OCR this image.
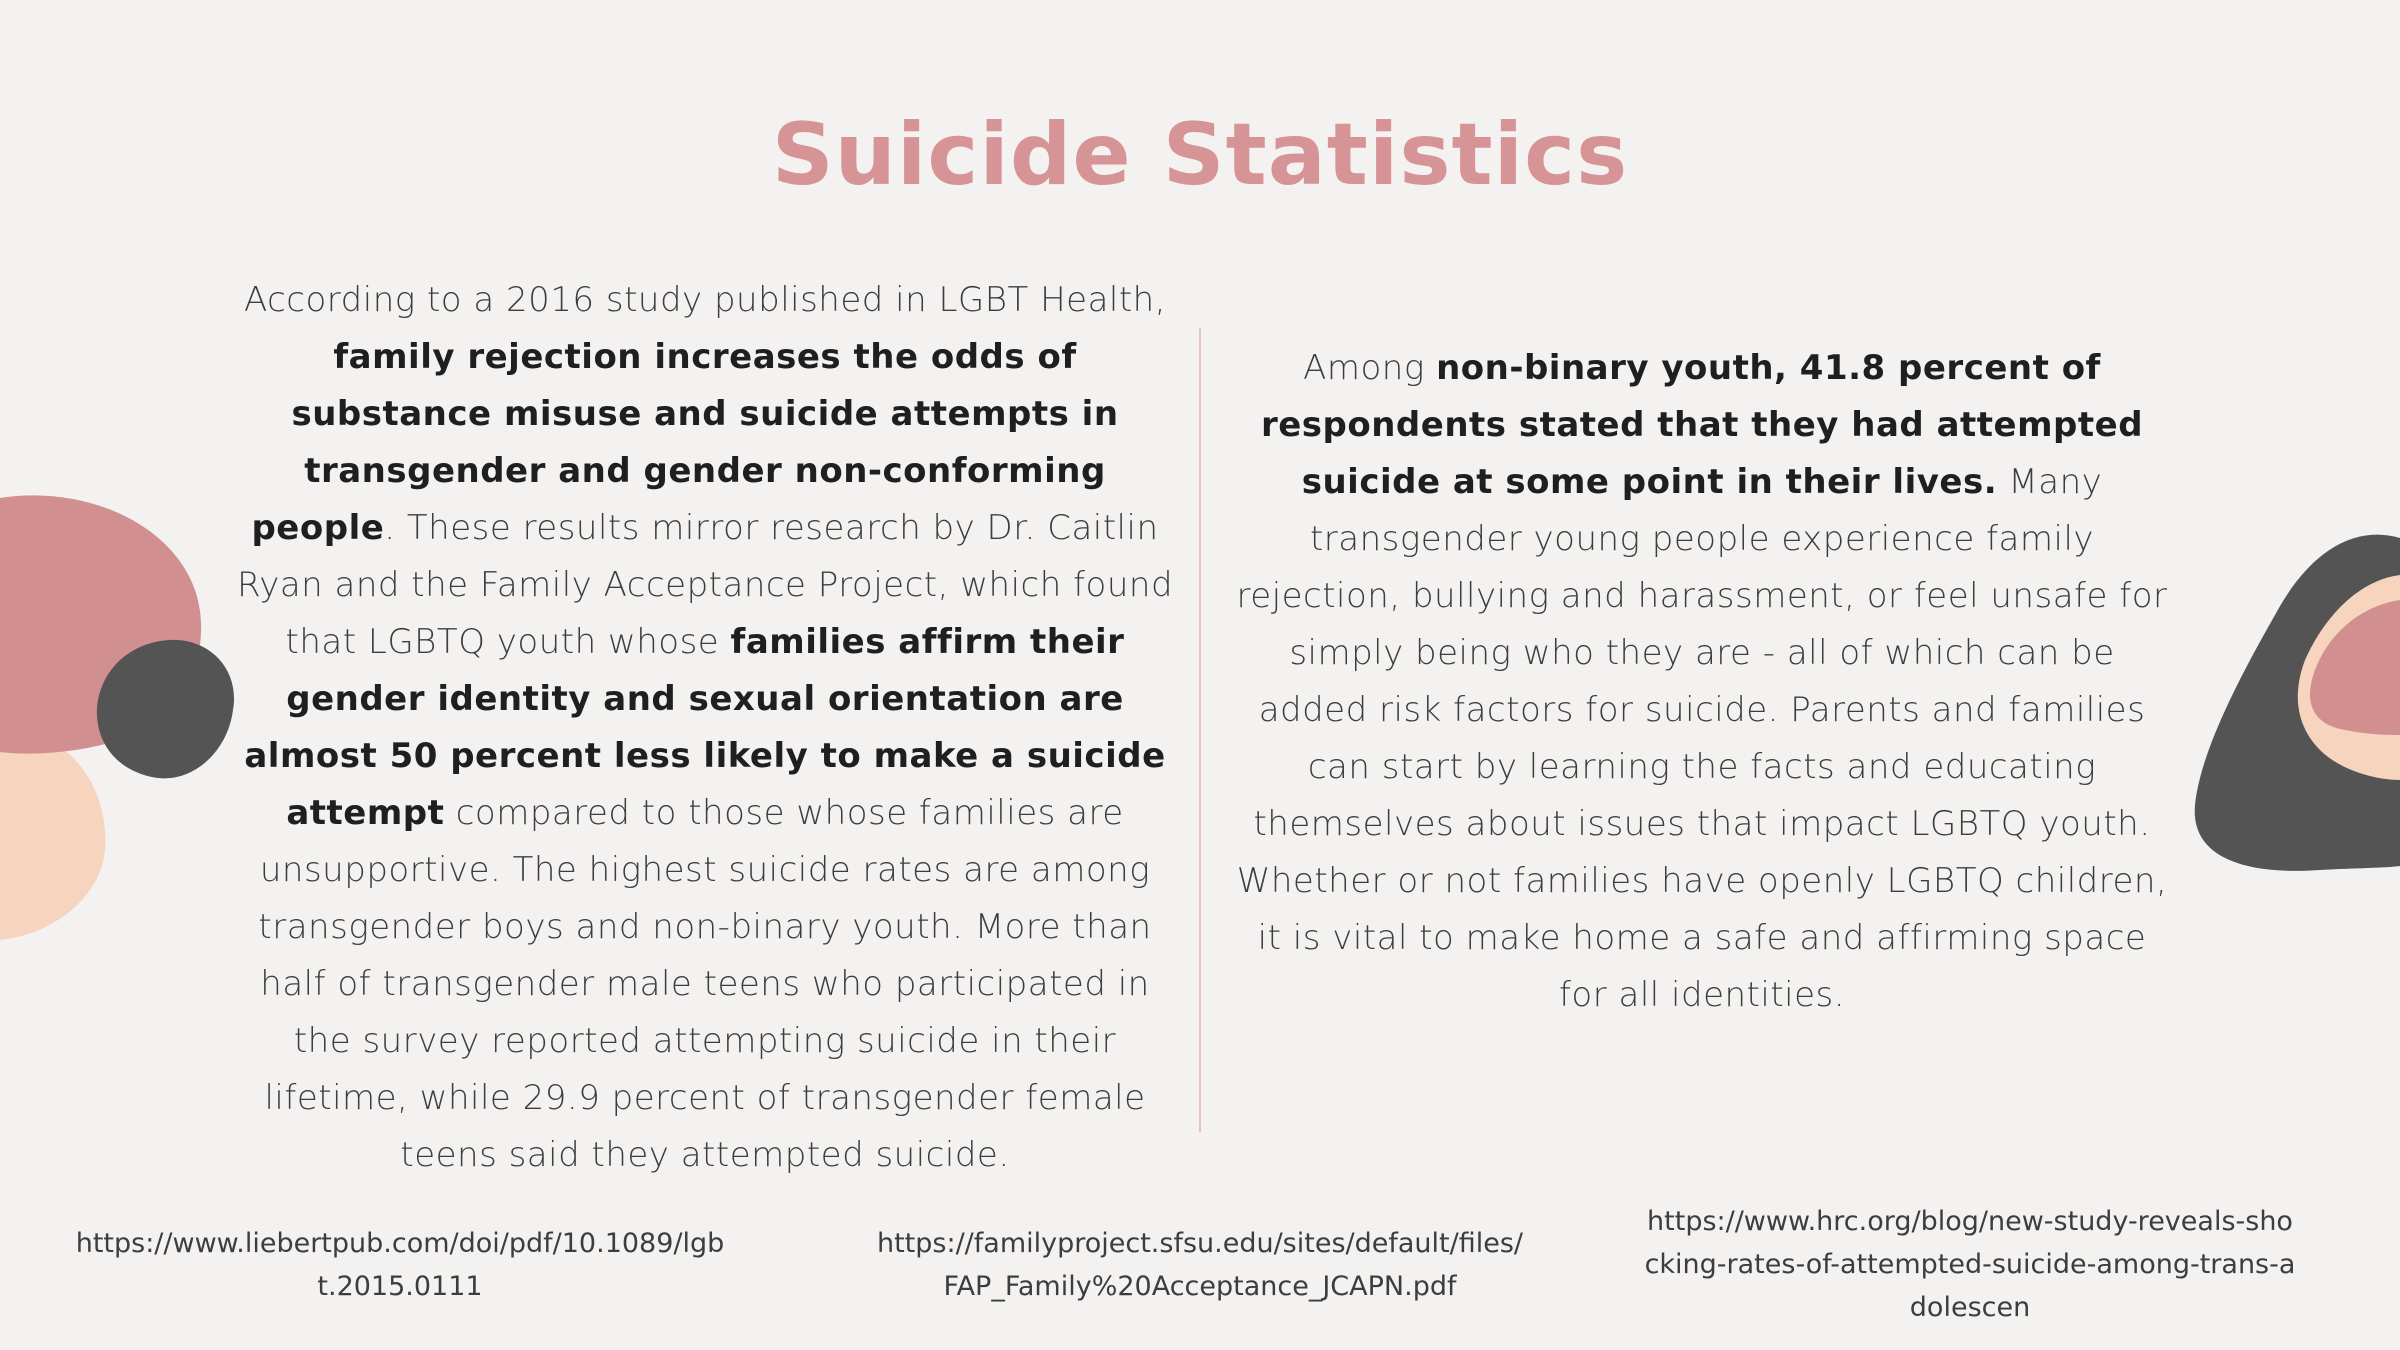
Suicide Statistics
According to a 2016 study published in LGBT Health, family rejection increases the odds of substance misuse and suicide attempts in transgender and gender non-conforming people. These results mirror research by Dr. Caitlin Ryan and the Family Acceptance Project, which found that LGBTQ youth whose families affirm their gender identity and sexual orientation are almost 50 percent less likely to make a suicide attempt compared to those whose families are unsupportive. The highest suicide rates are among transgender boys and non-binary youth. More than half of transgender male teens who participated in the survey reported attempting suicide in their lifetime, while 29.9 percent of transgender female teens said they attempted suicide.
Among non-binary youth, 41.8 percent of respondents stated that they had attempted suicide at some point in their lives. Many transgender young people experience family rejection, bullying and harassment, or feel unsafe for simply being who they are - all of which can be added risk factors for suicide. Parents and families can start by learning the facts and educating themselves about issues that impact LGBTQ youth. Whether or not families have openly LGBTQ children, it is vital to make home a safe and affirming space for all identities.
https://www.liebertpub.com/doi/pdf/10.1089/lgbt.2015.0111
https://familyproject.sfsu.edu/sites/default/files/FAP_Family%20Acceptance_JCAPN.pdf
https://www.hrc.org/blog/new-study-reveals-shocking-rates-of-attempted-suicide-among-trans-adolescen
